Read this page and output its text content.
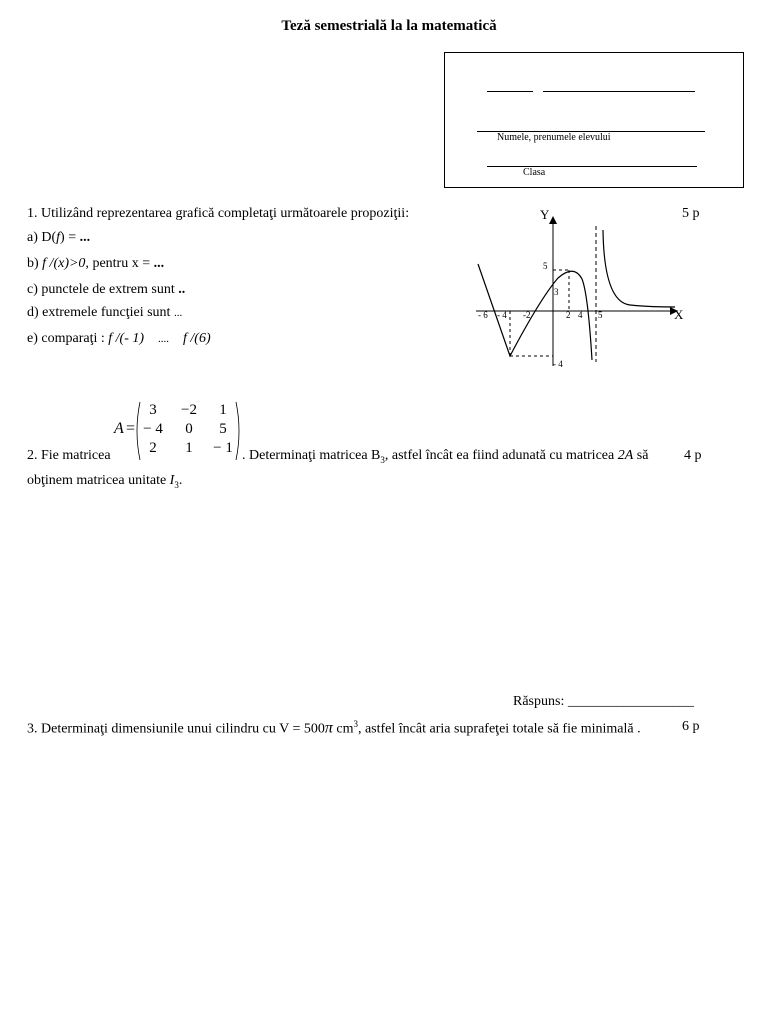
Teză semestrială la la matematică
Numele, prenumele elevului
Clasa
1. Utilizând reprezentarea grafică completaţi următoarele propoziţii:	5 p
a) D(f) = ...
b) f /(x)>0, pentru x = ...
c) punctele de extrem sunt ..
d) extremele funcţiei sunt ...
e) comparaţi : f /(- 1) .... f /(6)
Y
X
- 6 - 4 -2	2 4 5
5
3
- 4
A =
3	−2	1
− 4	0	5
2	1	− 1
2. Fie matricea	. Determinaţi matricea $B_3$, astfel încât ea fiind adunată cu matricea 2A să	4 p
obţinem matricea unitate $I_3$.
Răspuns: __________________
3. Determinaţi dimensiunile unui cilindru cu V = 500π $cm^3$, astfel încât aria suprafeţei totale să fie minimală .	6 p
